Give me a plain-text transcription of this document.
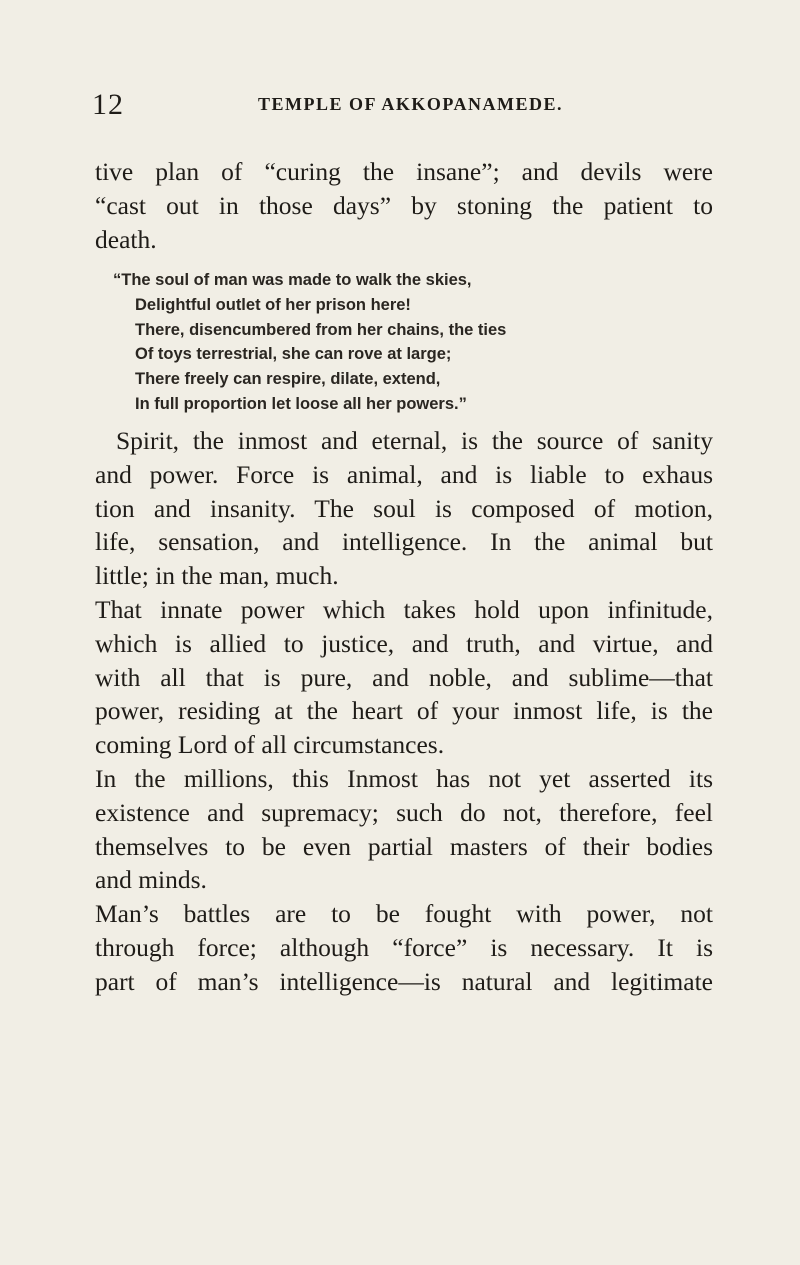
12	TEMPLE OF AKKOPANAMEDE.
tive plan of “curing the insane”; and devils were
“cast out in those days” by stoning the patient to
death.
“The soul of man was made to walk the skies,
Delightful outlet of her prison here!
There, disencumbered from her chains, the ties
Of toys terrestrial, she can rove at large;
There freely can respire, dilate, extend,
In full proportion let loose all her powers.”
Spirit, the inmost and eternal, is the source of sanity
and power. Force is animal, and is liable to exhaus
tion and insanity. The soul is composed of motion,
life, sensation, and intelligence. In the animal but
little; in the man, much.
That innate power which takes hold upon infinitude,
which is allied to justice, and truth, and virtue, and
with all that is pure, and noble, and sublime—that
power, residing at the heart of your inmost life, is the
coming Lord of all circumstances.
In the millions, this Inmost has not yet asserted its
existence and supremacy; such do not, therefore, feel
themselves to be even partial masters of their bodies
and minds.
Man’s battles are to be fought with power, not
through force; although “force” is necessary. It is
part of man’s intelligence—is natural and legitimate
